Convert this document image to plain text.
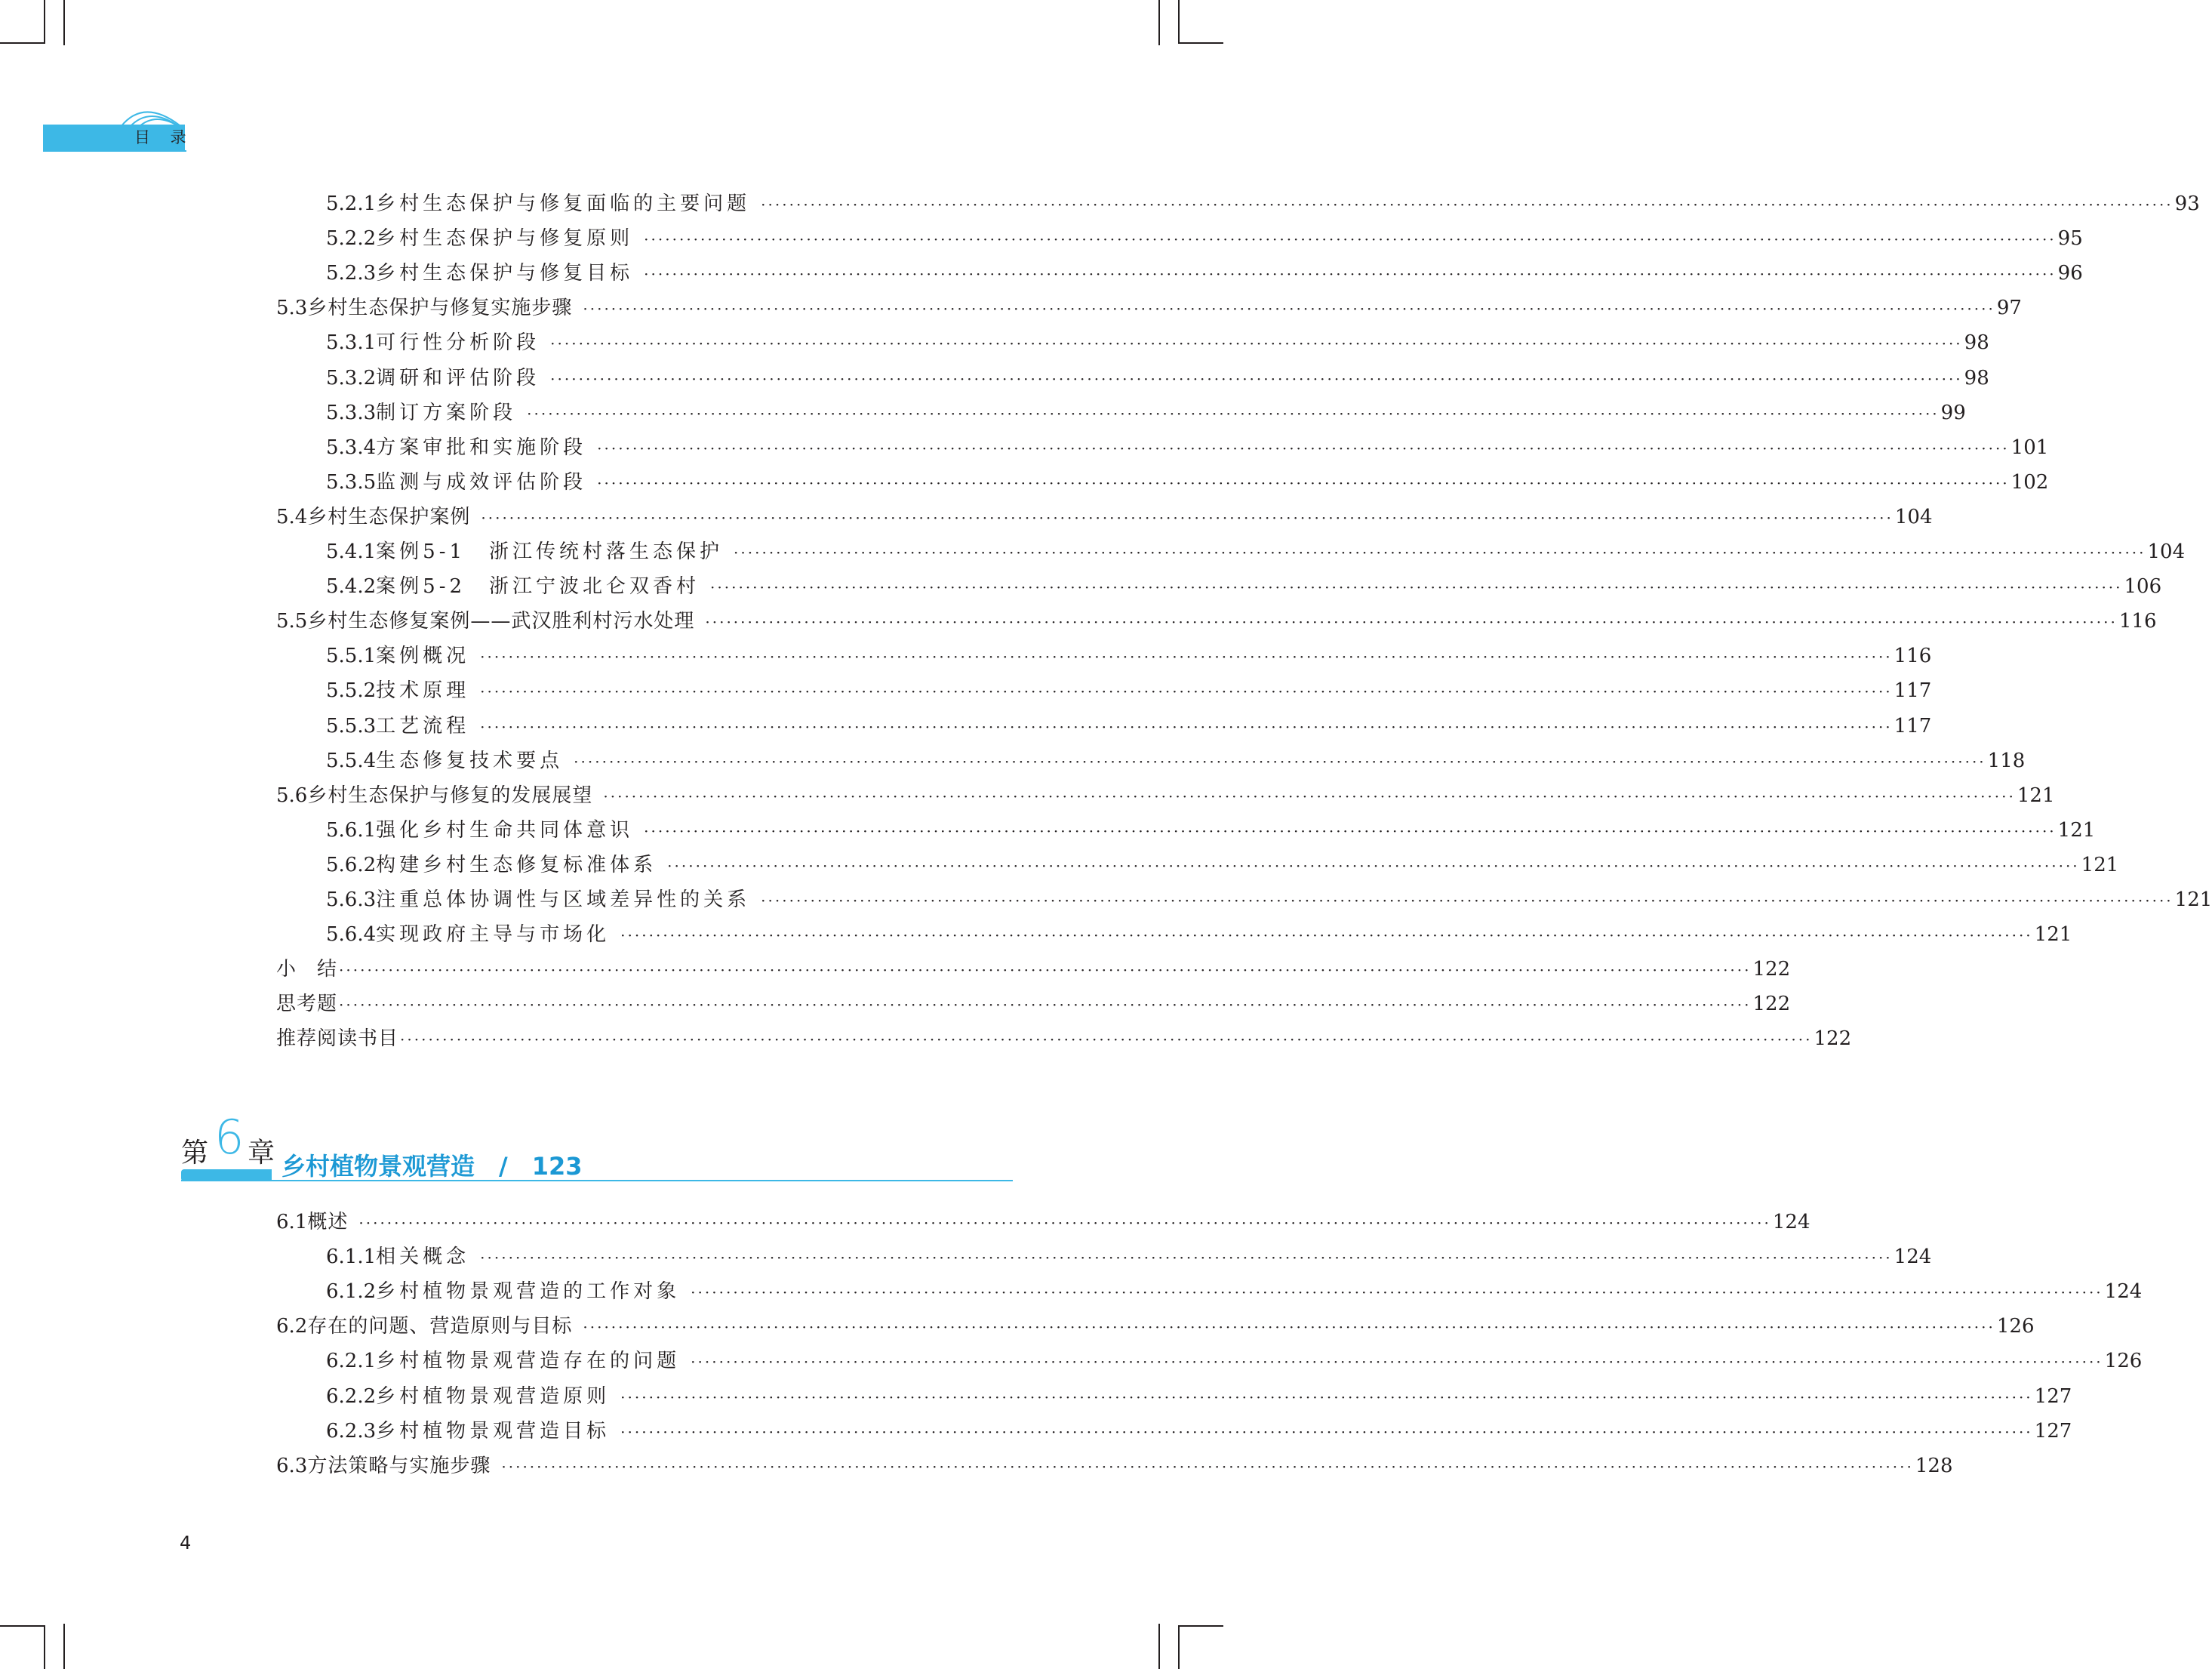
目 录
5.2.1 乡村生态保护与修复面临的主要问题 ········································································································································································································ 93
5.2.2 乡村生态保护与修复原则 ········································································································································································································ 95
5.2.3 乡村生态保护与修复目标 ········································································································································································································ 96
5.3 乡村生态保护与修复实施步骤 ········································································································································································································ 97
5.3.1 可行性分析阶段 ········································································································································································································ 98
5.3.2 调研和评估阶段 ········································································································································································································ 98
5.3.3 制订方案阶段 ········································································································································································································ 99
5.3.4 方案审批和实施阶段 ········································································································································································································ 101
5.3.5 监测与成效评估阶段 ········································································································································································································ 102
5.4 乡村生态保护案例 ········································································································································································································ 104
5.4.1 案例5-1　浙江传统村落生态保护 ········································································································································································································ 104
5.4.2 案例5-2　浙江宁波北仑双香村 ········································································································································································································ 106
5.5 乡村生态修复案例——武汉胜利村污水处理 ········································································································································································································ 116
5.5.1 案例概况 ········································································································································································································ 116
5.5.2 技术原理 ········································································································································································································ 117
5.5.3 工艺流程 ········································································································································································································ 117
5.5.4 生态修复技术要点 ········································································································································································································ 118
5.6 乡村生态保护与修复的发展展望 ········································································································································································································ 121
5.6.1 强化乡村生命共同体意识 ········································································································································································································ 121
5.6.2 构建乡村生态修复标准体系 ········································································································································································································ 121
5.6.3 注重总体协调性与区域差异性的关系 ········································································································································································································ 121
5.6.4 实现政府主导与市场化 ········································································································································································································ 121
小　结 ········································································································································································································ 122
思考题 ········································································································································································································ 122
推荐阅读书目 ········································································································································································································ 122
第 6 章 乡村植物景观营造　/　123
6.1 概述 ········································································································································································································ 124
6.1.1 相关概念 ········································································································································································································ 124
6.1.2 乡村植物景观营造的工作对象 ········································································································································································································ 124
6.2 存在的问题、营造原则与目标 ········································································································································································································ 126
6.2.1 乡村植物景观营造存在的问题 ········································································································································································································ 126
6.2.2 乡村植物景观营造原则 ········································································································································································································ 127
6.2.3 乡村植物景观营造目标 ········································································································································································································ 127
6.3 方法策略与实施步骤 ········································································································································································································ 128
4
